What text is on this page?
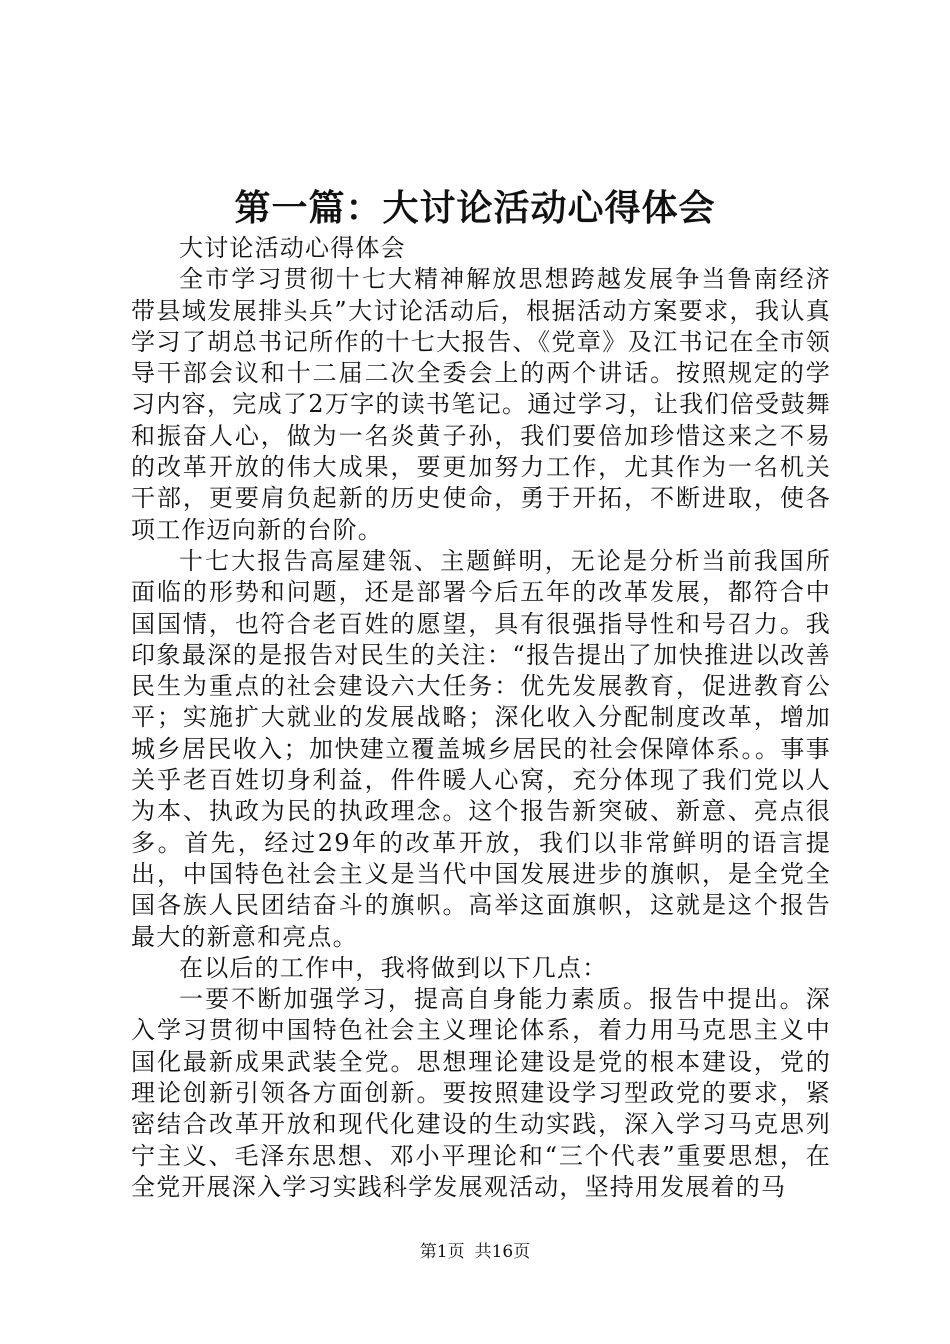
第一篇：大讨论活动心得体会

大讨论活动心得体会

全市学习贯彻十七大精神解放思想跨越发展争当鲁南经济带县域发展排头兵”大讨论活动后，根据活动方案要求，我认真学习了胡总书记所作的十七大报告、《党章》及江书记在全市领导干部会议和十二届二次全委会上的两个讲话。按照规定的学习内容，完成了2万字的读书笔记。通过学习，让我们倍受鼓舞和振奋人心，做为一名炎黄子孙，我们要倍加珍惜这来之不易的改革开放的伟大成果，要更加努力工作，尤其作为一名机关干部，更要肩负起新的历史使命，勇于开拓，不断进取，使各项工作迈向新的台阶。

十七大报告高屋建瓴、主题鲜明，无论是分析当前我国所面临的形势和问题，还是部署今后五年的改革发展，都符合中国国情，也符合老百姓的愿望，具有很强指导性和号召力。我印象最深的是报告对民生的关注：“报告提出了加快推进以改善民生为重点的社会建设六大任务：优先发展教育，促进教育公平；实施扩大就业的发展战略；深化收入分配制度改革，增加城乡居民收入；加快建立覆盖城乡居民的社会保障体系。。事事关乎老百姓切身利益，件件暖人心窝，充分体现了我们党以人为本、执政为民的执政理念。这个报告新突破、新意、亮点很多。首先，经过29年的改革开放，我们以非常鲜明的语言提出，中国特色社会主义是当代中国发展进步的旗帜，是全党全国各族人民团结奋斗的旗帜。高举这面旗帜，这就是这个报告最大的新意和亮点。

在以后的工作中，我将做到以下几点：

一要不断加强学习，提高自身能力素质。报告中提出。深入学习贯彻中国特色社会主义理论体系，着力用马克思主义中国化最新成果武装全党。思想理论建设是党的根本建设，党的理论创新引领各方面创新。要按照建设学习型政党的要求，紧密结合改革开放和现代化建设的生动实践，深入学习马克思列宁主义、毛泽东思想、邓小平理论和“三个代表”重要思想，在全党开展深入学习实践科学发展观活动，坚持用发展着的马

第1页 共16页
